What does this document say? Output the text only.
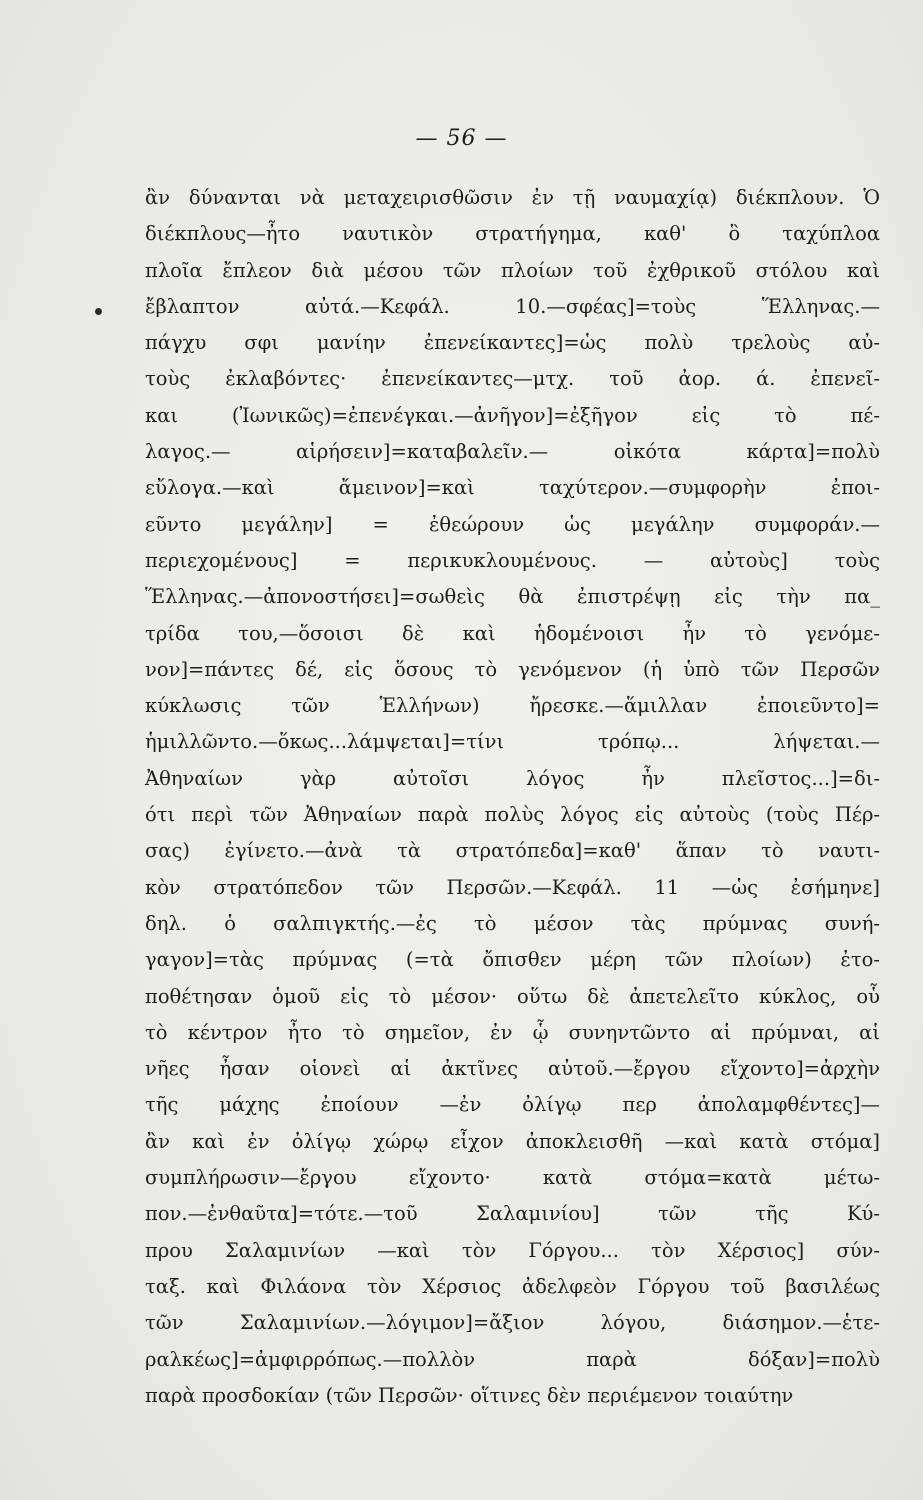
— 56 —
ἂν δύνανται νὰ μεταχειρισθῶσιν ἐν τῇ ναυμαχίᾳ) διέκπλουν. Ὁ
διέκπλους—ἦτο ναυτικὸν στρατήγημα, καθ' ὃ ταχύπλοα
πλοῖα ἔπλεον διὰ μέσου τῶν πλοίων τοῦ ἐχθρικοῦ στόλου καὶ
ἔβλαπτον αὐτά.—Κεφάλ. 10.—σφέας]=τοὺς Ἕλληνας.—
πάγχυ σφι μανίην ἐπενείκαντες]=ὡς πολὺ τρελοὺς αὐ-
τοὺς ἐκλαβόντες· ἐπενείκαντες—μτχ. τοῦ ἀορ. ά. ἐπενεῖ-
και (Ἰωνικῶς)=ἐπενέγκαι.—ἀνῆγον]=ἐξῆγον εἰς τὸ πέ-
λαγος.— αἱρήσειν]=καταβαλεῖν.— οἰκότα κάρτα]=πολὺ
εὔλογα.—καὶ ἄμεινον]=καὶ ταχύτερον.—συμφορὴν ἐποι-
εῦντο μεγάλην] = ἐθεώρουν ὡς μεγάλην συμφοράν.—
περιεχομένους] = περικυκλουμένους. — αὐτοὺς] τοὺς
Ἕλληνας.—ἀπονοστήσει]=σωθεὶς θὰ ἐπιστρέψῃ εἰς τὴν πα_
τρίδα του,—ὅσοισι δὲ καὶ ἡδομένοισι ἦν τὸ γενόμε-
νον]=πάντες δέ, εἰς ὅσους τὸ γενόμενον (ἡ ὑπὸ τῶν Περσῶν
κύκλωσις τῶν Ἑλλήνων) ἤρεσκε.—ἅμιλλαν ἐποιεῦντο]=
ἡμιλλῶντο.—ὅκως...λάμψεται]=τίνι τρόπῳ... λήψεται.—
Ἀθηναίων γὰρ αὐτοῖσι λόγος ἦν πλεῖστος...]=δι-
ότι περὶ τῶν Ἀθηναίων παρὰ πολὺς λόγος εἰς αὐτοὺς (τοὺς Πέρ-
σας) ἐγίνετο.—ἀνὰ τὰ στρατόπεδα]=καθ' ἅπαν τὸ ναυτι-
κὸν στρατόπεδον τῶν Περσῶν.—Κεφάλ. 11 —ὡς ἐσήμηνε]
δηλ. ὁ σαλπιγκτής.—ἐς τὸ μέσον τὰς πρύμνας συνή-
γαγον]=τὰς πρύμνας (=τὰ ὄπισθεν μέρη τῶν πλοίων) ἐτο-
ποθέτησαν ὁμοῦ εἰς τὸ μέσον· οὕτω δὲ ἀπετελεῖτο κύκλος, οὗ
τὸ κέντρον ἦτο τὸ σημεῖον, ἐν ᾧ συνηντῶντο αἱ πρύμναι, αἱ
νῆες ἦσαν οἱονεὶ αἱ ἀκτῖνες αὐτοῦ.—ἔργου εἴχοντο]=ἀρχὴν
τῆς μάχης ἐποίουν —ἐν ὀλίγῳ περ ἀπολαμφθέντες]—
ἂν καὶ ἐν ὀλίγῳ χώρῳ εἶχον ἀποκλεισθῆ —καὶ κατὰ στόμα]
συμπλήρωσιν—ἔργου εἴχοντο· κατὰ στόμα=κατὰ μέτω-
πον.—ἐνθαῦτα]=τότε.—τοῦ Σαλαμινίου] τῶν τῆς Κύ-
πρου Σαλαμινίων —καὶ τὸν Γόργου... τὸν Χέρσιος] σύν-
ταξ. καὶ Φιλάονα τὸν Χέρσιος ἀδελφεὸν Γόργου τοῦ βασιλέως
τῶν Σαλαμινίων.—λόγιμον]=ἄξιον λόγου, διάσημον.—ἑτε-
ραλκέως]=ἀμφιρρόπως.—πολλὸν παρὰ δόξαν]=πολὺ
παρὰ προσδοκίαν (τῶν Περσῶν· οἵτινες δὲν περιέμενον τοιαύτην
